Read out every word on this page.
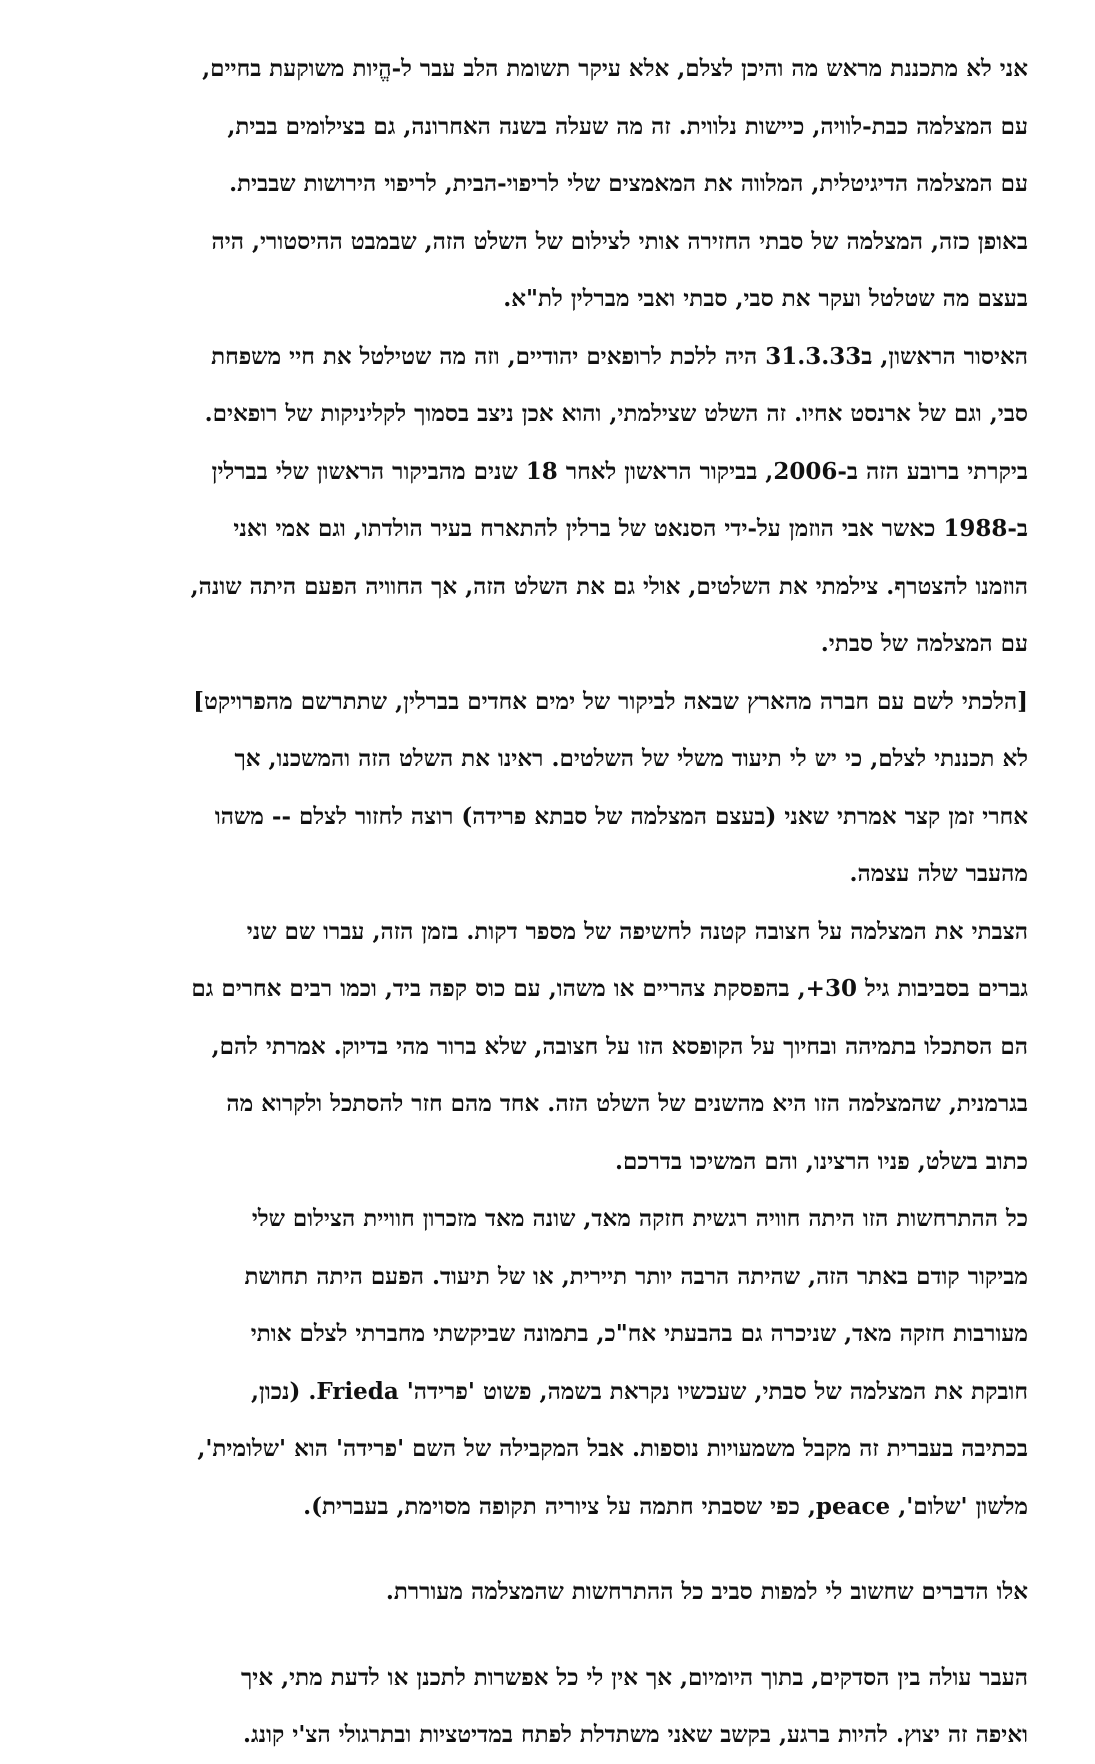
אני לא מתכננת מראש מה והיכן לצלם, אלא עיקר תשומת הלב עבר ל-הֱיות משוקעת בחיים,
עם המצלמה כבת-לוויה, כיישות נלווית. זה מה שעלה בשנה האחרונה, גם בצילומים בבית,
עם המצלמה הדיגיטלית, המלווה את המאמצים שלי לריפוי-הבית, לריפוי הירושות שבבית.
באופן כזה, המצלמה של סבתי החזירה אותי לצילום של השלט הזה, שבמבט ההיסטורי, היה
בעצם מה שטלטל ועקר את סבי, סבתי ואבי מברלין לת"א.
האיסור הראשון, ב31.3.33 היה ללכת לרופאים יהודיים, וזה מה שטילטל את חיי משפחת
סבי, וגם של ארנסט אחיו. זה השלט שצילמתי, והוא אכן ניצב בסמוך לקליניקות של רופאים.
ביקרתי ברובע הזה ב-2006, בביקור הראשון לאחר 18 שנים מהביקור הראשון שלי בברלין
ב-1988 כאשר אבי הוזמן על-ידי הסנאט של ברלין להתארח בעיר הולדתו, וגם אמי ואני
הוזמנו להצטרף. צילמתי את השלטים, אולי גם את השלט הזה, אך החוויה הפעם היתה שונה,
עם המצלמה של סבתי.
[הלכתי לשם עם חברה מהארץ שבאה לביקור של ימים אחדים בברלין, שתתרשם מהפרויקט]
לא תכננתי לצלם, כי יש לי תיעוד משלי של השלטים. ראינו את השלט הזה והמשכנו, אך
אחרי זמן קצר אמרתי שאני (בעצם המצלמה של סבתא פרידה) רוצה לחזור לצלם -- משהו
מהעבר שלה עצמה.
הצבתי את המצלמה על חצובה קטנה לחשיפה של מספר דקות. בזמן הזה, עברו שם שני
גברים בסביבות גיל 30+, בהפסקת צהריים או משהו, עם כוס קפה ביד, וכמו רבים אחרים גם
הם הסתכלו בתמיהה ובחיוך על הקופסא הזו על חצובה, שלא ברור מהי בדיוק. אמרתי להם,
בגרמנית, שהמצלמה הזו היא מהשנים של השלט הזה. אחד מהם חזר להסתכל ולקרוא מה
כתוב בשלט, פניו הרצינו, והם המשיכו בדרכם.
כל ההתרחשות הזו היתה חוויה רגשית חזקה מאד, שונה מאד מזכרון חוויית הצילום שלי
מביקור קודם באתר הזה, שהיתה הרבה יותר תיירית, או של תיעוד. הפעם היתה תחושת
מעורבות חזקה מאד, שניכרה גם בהבעתי אח"כ, בתמונה שביקשתי מחברתי לצלם אותי
חובקת את המצלמה של סבתי, שעכשיו נקראת בשמה, פשוט 'פרידה' Frieda. (נכון,
בכתיבה בעברית זה מקבל משמעויות נוספות. אבל המקבילה של השם 'פרידה' הוא 'שלומית',
מלשון 'שלום', peace, כפי שסבתי חתמה על ציוריה תקופה מסוימת, בעברית).
אלו הדברים שחשוב לי למפות סביב כל ההתרחשות שהמצלמה מעוררת.
העבר עולה בין הסדקים, בתוך היומיום, אך אין לי כל אפשרות לתכנן או לדעת מתי, איך
ואיפה זה יצוץ. להיות ברגע, בקשב שאני משתדלת לפתח במדיטציות ובתרגולי הצ'י קונג.
